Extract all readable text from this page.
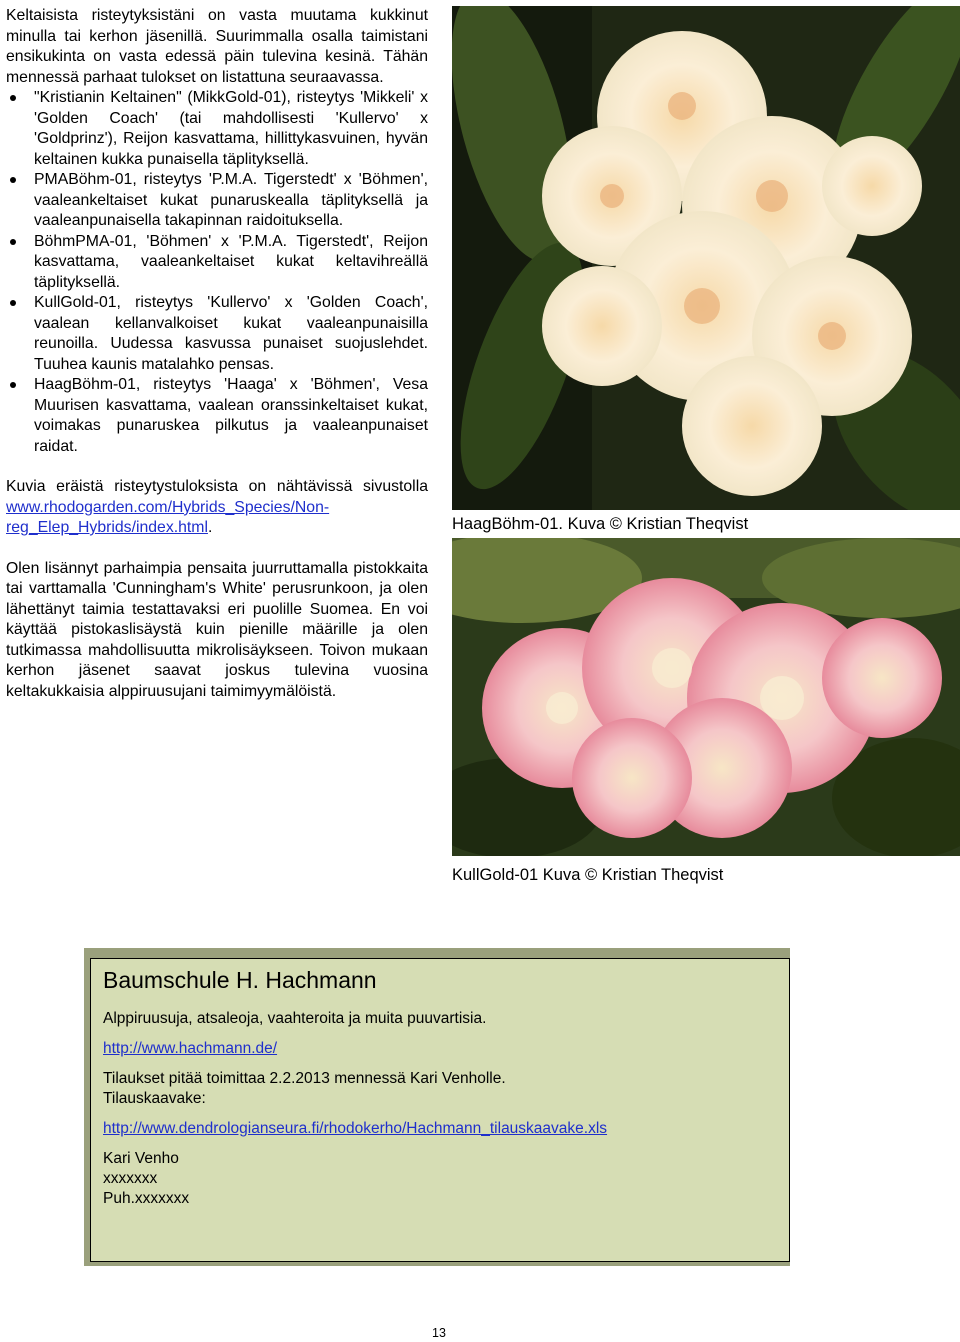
Keltaisista risteytyksistäni on vasta muutama kukkinut minulla tai kerhon jäsenillä. Suurimmalla osalla taimistani ensikukinta on vasta edessä päin tulevina kesinä. Tähän mennessä parhaat tulokset on listattuna seuraavassa.

"Kristianin Keltainen" (MikkGold-01), risteytys 'Mikkeli' x 'Golden Coach' (tai mahdollisesti 'Kullervo' x 'Goldprinz'), Reijon kasvattama, hillittykasvuinen, hyvän keltainen kukka punaisella täplityksellä.
PMABöhm-01, risteytys 'P.M.A. Tigerstedt' x 'Böhmen', vaaleankeltaiset kukat punaruskealla täplityksellä ja vaaleanpunaisella takapinnan raidoituksella.
BöhmPMA-01, 'Böhmen' x 'P.M.A. Tigerstedt', Reijon kasvattama, vaaleankeltaiset kukat keltavihreällä täplityksellä.
KullGold-01, risteytys 'Kullervo' x 'Golden Coach', vaalean kellanvalkoiset kukat vaaleanpunaisilla reunoilla. Uudessa kasvussa punaiset suojuslehdet. Tuuhea kaunis matalahko pensas.
HaagBöhm-01, risteytys 'Haaga' x 'Böhmen', Vesa Muurisen kasvattama, vaalean oranssinkeltaiset kukat, voimakas punaruskea pilkutus ja vaaleanpunaiset raidat.

Kuvia eräistä risteytystuloksista on nähtävissä sivustolla www.rhodogarden.com/Hybrids_Species/Non-reg_Elep_Hybrids/index.html.

Olen lisännyt parhaimpia pensaita juurruttamalla pistokkaita tai varttamalla 'Cunningham's White' perusrunkoon, ja olen lähettänyt taimia testattavaksi eri puolille Suomea. En voi käyttää pistokaslisäystä kuin pienille määrille ja olen tutkimassa mahdollisuutta mikrolisäykseen. Toivon mukaan kerhon jäsenet saavat joskus tulevina vuosina keltakukkaisia alppiruusujani taimimyymälöistä.

HaagBöhm-01. Kuva © Kristian Theqvist
KullGold-01 Kuva © Kristian Theqvist
Baumschule H. Hachmann

Alppiruusuja, atsaleoja, vaahteroita ja muita puuvartisia.

http://www.hachmann.de/

Tilaukset pitää toimittaa 2.2.2013 mennessä Kari Venholle.

Tilauskaavake:

http://www.dendrologianseura.fi/rhodokerho/Hachmann_tilauskaavake.xls

Kari Venho

xxxxxxx

Puh.xxxxxxx

13
